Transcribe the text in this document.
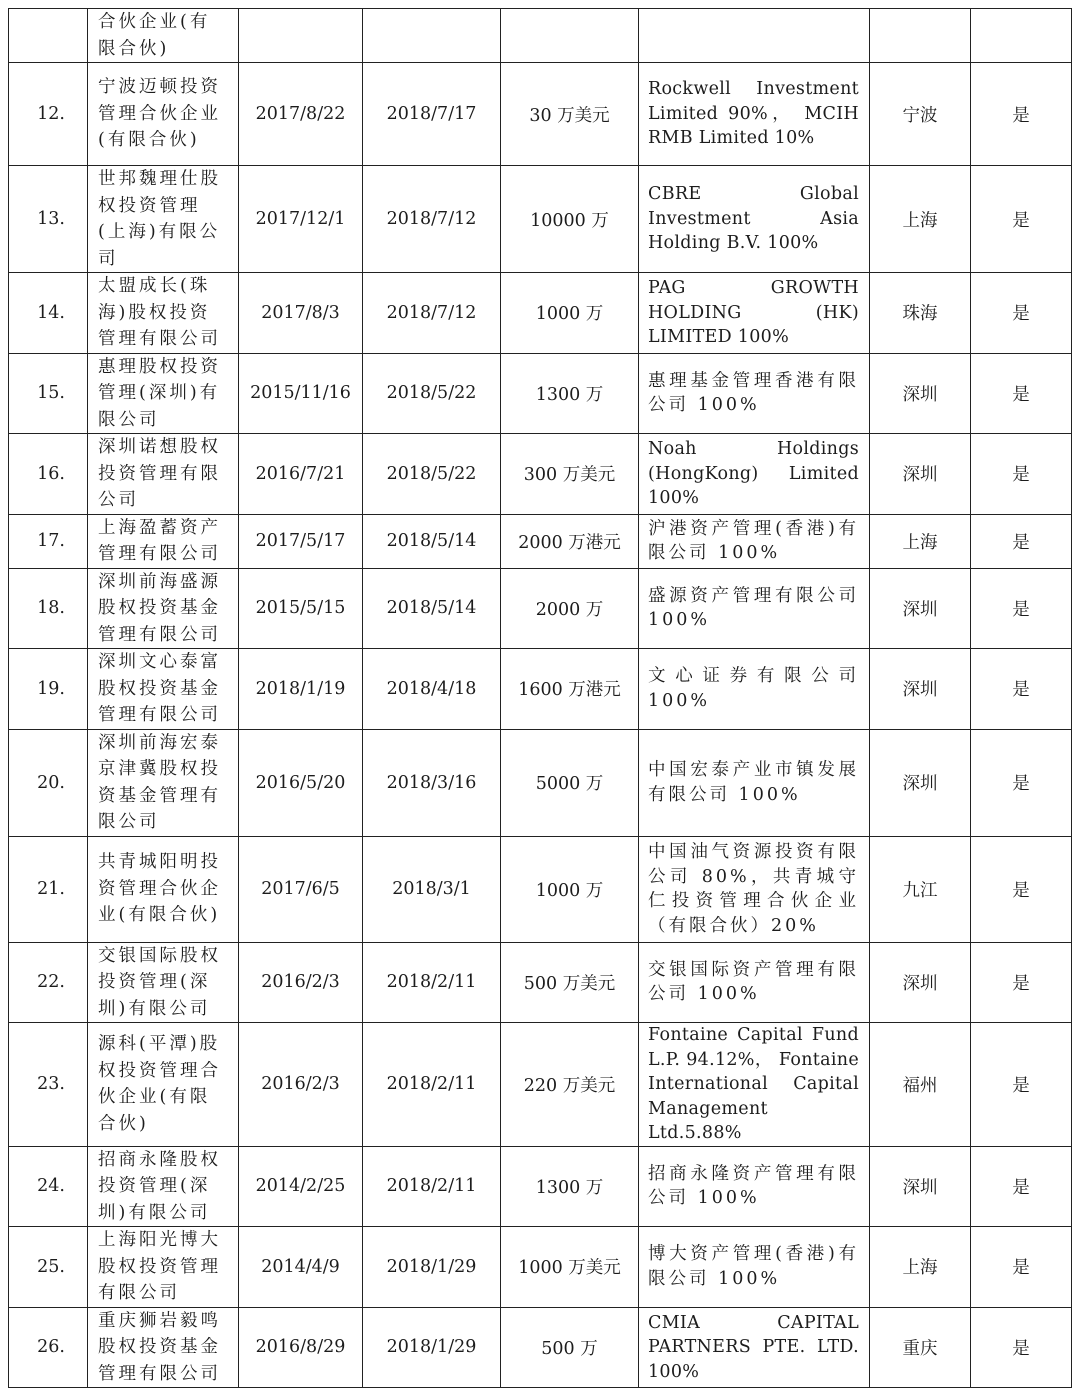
	合伙企业(有限合伙)						
12.	宁波迈顿投资管理合伙企业(有限合伙)	2017/8/22	2018/7/17	30 万美元	Rockwell Investment Limited 90%， MCIH RMB Limited 10%	宁波	是
13.	世邦魏理仕股权投资管理(上海)有限公司	2017/12/1	2018/7/12	10000 万	CBRE Global Investment Asia Holding B.V. 100%	上海	是
14.	太盟成长(珠海)股权投资管理有限公司	2017/8/3	2018/7/12	1000 万	PAG GROWTH HOLDING (HK) LIMITED 100%	珠海	是
15.	惠理股权投资管理(深圳)有限公司	2015/11/16	2018/5/22	1300 万	惠理基金管理香港有限公司 100%	深圳	是
16.	深圳诺想股权投资管理有限公司	2016/7/21	2018/5/22	300 万美元	Noah Holdings (HongKong) Limited 100%	深圳	是
17.	上海盈蓄资产管理有限公司	2017/5/17	2018/5/14	2000 万港元	沪港资产管理(香港)有限公司 100%	上海	是
18.	深圳前海盛源股权投资基金管理有限公司	2015/5/15	2018/5/14	2000 万	盛源资产管理有限公司 100%	深圳	是
19.	深圳文心泰富股权投资基金管理有限公司	2018/1/19	2018/4/18	1600 万港元	文心证券有限公司 100%	深圳	是
20.	深圳前海宏泰京津冀股权投资基金管理有限公司	2016/5/20	2018/3/16	5000 万	中国宏泰产业市镇发展有限公司 100%	深圳	是
21.	共青城阳明投资管理合伙企业(有限合伙)	2017/6/5	2018/3/1	1000 万	中国油气资源投资有限公司 80%，共青城守仁投资管理合伙企业（有限合伙）20%	九江	是
22.	交银国际股权投资管理(深圳)有限公司	2016/2/3	2018/2/11	500 万美元	交银国际资产管理有限公司 100%	深圳	是
23.	源科(平潭)股权投资管理合伙企业(有限合伙)	2016/2/3	2018/2/11	220 万美元	Fontaine Capital Fund L.P. 94.12%， Fontaine International Capital Management Ltd.5.88%	福州	是
24.	招商永隆股权投资管理(深圳)有限公司	2014/2/25	2018/2/11	1300 万	招商永隆资产管理有限公司 100%	深圳	是
25.	上海阳光博大股权投资管理有限公司	2014/4/9	2018/1/29	1000 万美元	博大资产管理(香港)有限公司 100%	上海	是
26.	重庆狮岩毅鸣股权投资基金管理有限公司	2016/8/29	2018/1/29	500 万	CMIA CAPITAL PARTNERS PTE. LTD. 100%	重庆	是
